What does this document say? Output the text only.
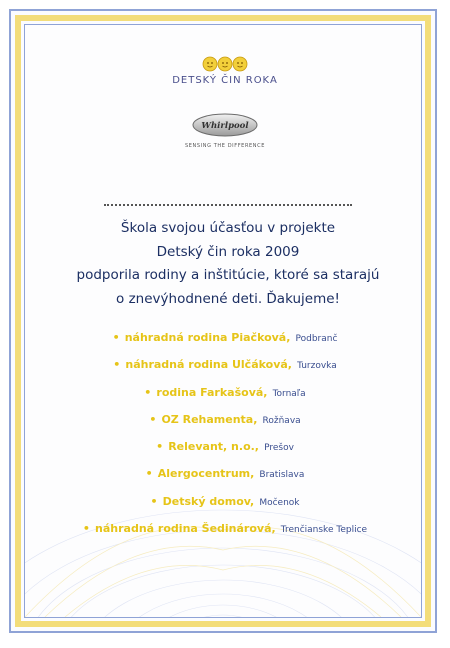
DETSKÝ ČIN ROKA
Whirlpool
SENSING THE DIFFERENCE
Škola svojou účasťou v projekte
Detský čin roka 2009
podporila rodiny a inštitúcie, ktoré sa starajú
o znevýhodnené deti. Ďakujeme!
• náhradná rodina Piačková, Podbranč
• náhradná rodina Ulčáková, Turzovka
• rodina Farkašová, Tornaľa
• OZ Rehamenta, Rožňava
• Relevant, n.o., Prešov
• Alergocentrum, Bratislava
• Detský domov, Močenok
• náhradná rodina Šedinárová, Trenčianske Teplice
